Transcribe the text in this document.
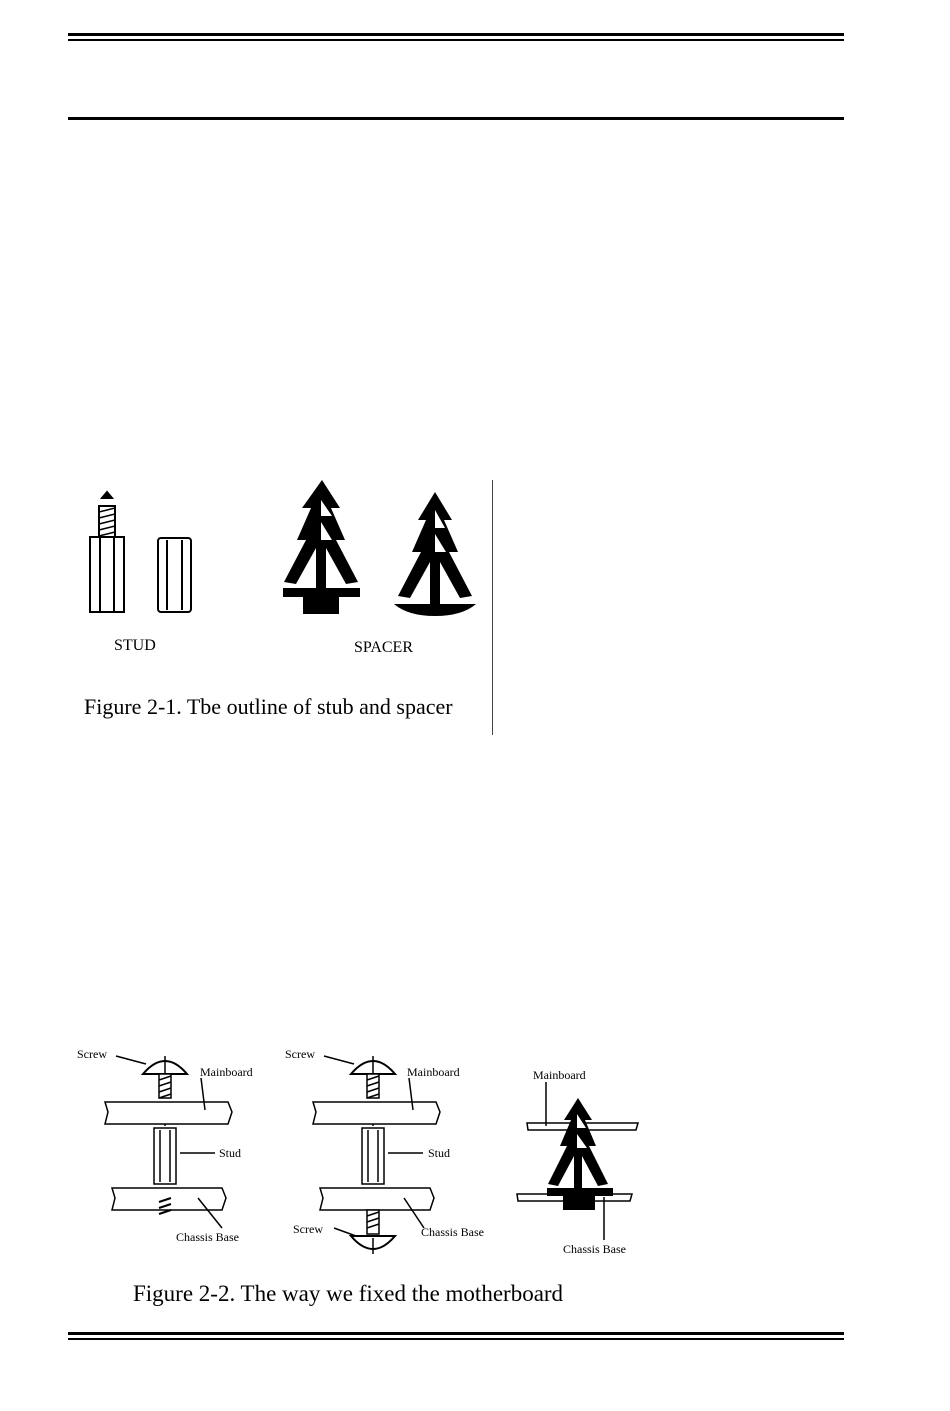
STUD	SPACER
Figure 2-1. Tbe outline of stub and spacer
Screw
Mainboard
Stud
Chassis Base
Screw
Mainboard
Stud
Screw	Chassis Base
Mainboard
Chassis Base
Figure 2-2. The way we fixed the motherboard
